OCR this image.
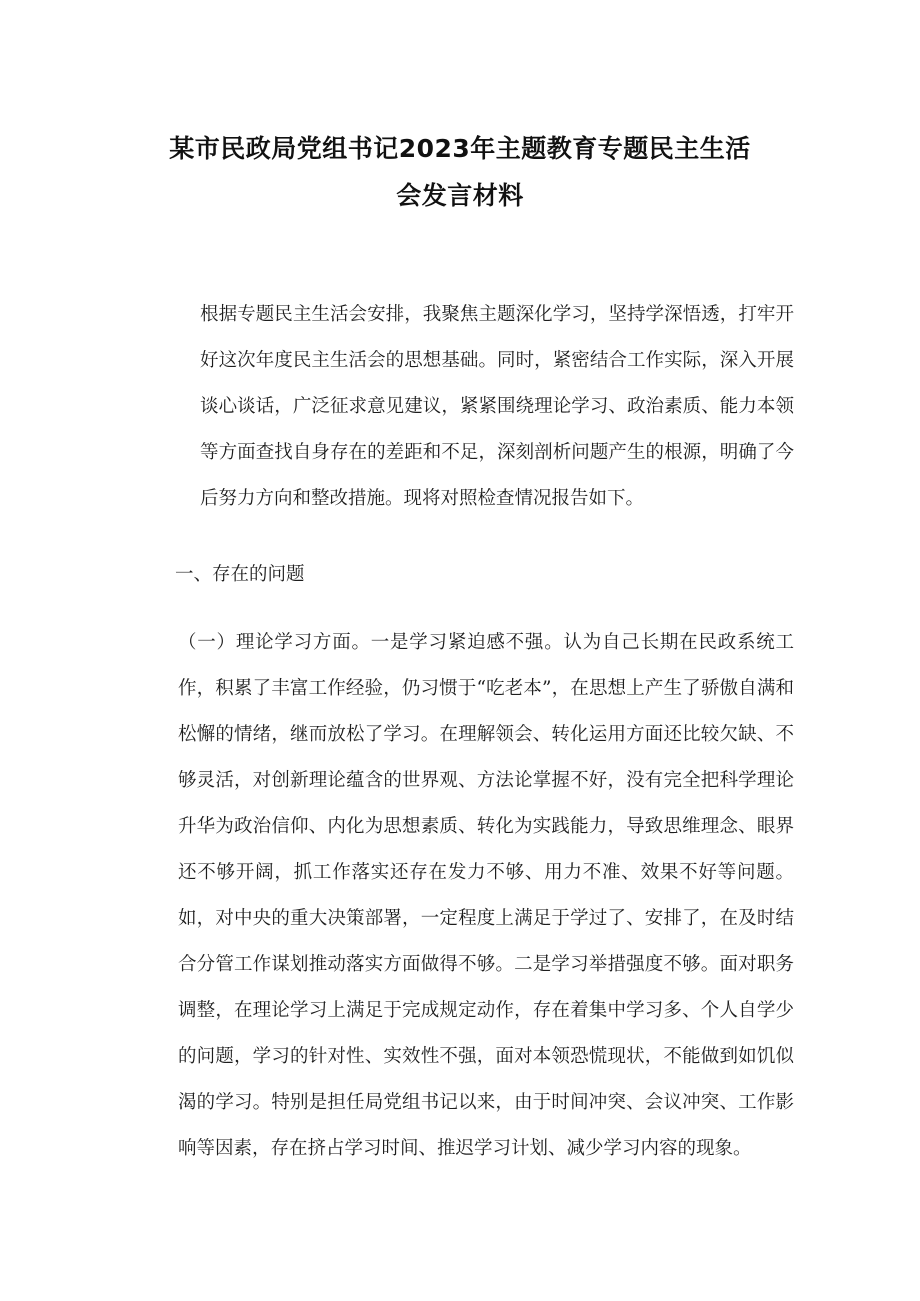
某市民政局党组书记2023年主题教育专题民主生活
会发言材料
根据专题民主生活会安排，我聚焦主题深化学习，坚持学深悟透，打牢开好这次年度民主生活会的思想基础。同时，紧密结合工作实际，深入开展谈心谈话，广泛征求意见建议，紧紧围绕理论学习、政治素质、能力本领等方面查找自身存在的差距和不足，深刻剖析问题产生的根源，明确了今后努力方向和整改措施。现将对照检查情况报告如下。
一、存在的问题
（一）理论学习方面。一是学习紧迫感不强。认为自己长期在民政系统工作，积累了丰富工作经验，仍习惯于“吃老本”，在思想上产生了骄傲自满和松懈的情绪，继而放松了学习。在理解领会、转化运用方面还比较欠缺、不够灵活，对创新理论蕴含的世界观、方法论掌握不好，没有完全把科学理论升华为政治信仰、内化为思想素质、转化为实践能力，导致思维理念、眼界还不够开阔，抓工作落实还存在发力不够、用力不准、效果不好等问题。如，对中央的重大决策部署，一定程度上满足于学过了、安排了，在及时结合分管工作谋划推动落实方面做得不够。二是学习举措强度不够。面对职务调整，在理论学习上满足于完成规定动作，存在着集中学习多、个人自学少的问题，学习的针对性、实效性不强，面对本领恐慌现状，不能做到如饥似渴的学习。特别是担任局党组书记以来，由于时间冲突、会议冲突、工作影响等因素，存在挤占学习时间、推迟学习计划、减少学习内容的现象。
